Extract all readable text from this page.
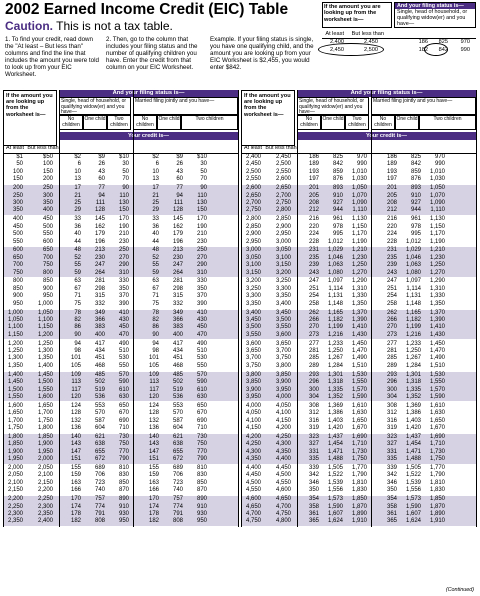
2002 Earned Income Credit (EIC) Table
Caution. This is not a tax table.
1. To find your credit, read down the "At least – But less than" columns and find the line that includes the amount you were told to look up from your EIC Worksheet.
2. Then, go to the column that includes your filing status and the number of qualifying children you have. Enter the credit from that column on your EIC Worksheet.
Example. If your filing status is single, you have one qualifying child, and the amount you are looking up from your EIC Worksheet is $2,455, you would enter $842.
If the amount you are looking up from the worksheet is—
And your filing status is—
Single, head of household, or qualifying widow(er) and you have—
At least	But less than
2,400	2,450	186	825	970
2,450	2,500	182	842	990
If the amount you are looking up from the worksheet is—
And your filing status is—
Single, head of household, or qualifying widow(er) and you have—
Married filing jointly and you have—
No children
One child	Two children
No children
One child	Two children
Your credit is—
At least But less than
$1	$50	$2	$9	$10	$2	$9	$10
50	100	6	26	30	6	26	30
100	150	10	43	50	10	43	50
150	200	13	60	70	13	60	70
200	250	17	77	90	17	77	90
250	300	21	94	110	21	94	110
300	350	25	111	130	25	111	130
350	400	29	128	150	29	128	150
400	450	33	145	170	33	145	170
450	500	36	162	190	36	162	190
500	550	40	179	210	40	179	210
550	600	44	196	230	44	196	230
600	650	48	213	250	48	213	250
650	700	52	230	270	52	230	270
700	750	55	247	290	55	247	290
750	800	59	264	310	59	264	310
800	850	63	281	330	63	281	330
850	900	67	298	350	67	298	350
900	950	71	315	370	71	315	370
950	1,000	75	332	390	75	332	390
1,000	1,050	78	349	410	78	349	410
1,050	1,100	82	366	430	82	366	430
1,100	1,150	86	383	450	86	383	450
1,150	1,200	90	400	470	90	400	470
1,200	1,250	94	417	490	94	417	490
1,250	1,300	98	434	510	98	434	510
1,300	1,350	101	451	530	101	451	530
1,350	1,400	105	468	550	105	468	550
1,400	1,450	109	485	570	109	485	570
1,450	1,500	113	502	590	113	502	590
1,500	1,550	117	519	610	117	519	610
1,550	1,600	120	536	630	120	536	630
1,600	1,650	124	553	650	124	553	650
1,650	1,700	128	570	670	128	570	670
1,700	1,750	132	587	690	132	587	690
1,750	1,800	136	604	710	136	604	710
1,800	1,850	140	621	730	140	621	730
1,850	1,900	143	638	750	143	638	750
1,900	1,950	147	655	770	147	655	770
1,950	2,000	151	672	790	151	672	790
2,000	2,050	155	689	810	155	689	810
2,050	2,100	159	706	830	159	706	830
2,100	2,150	163	723	850	163	723	850
2,150	2,200	166	740	870	166	740	870
2,200	2,250	170	757	890	170	757	890
2,250	2,300	174	774	910	174	774	910
2,300	2,350	178	791	930	178	791	930
2,350	2,400	182	808	950	182	808	950
If the amount you are looking up from the worksheet is—
And your filing status is—
Single, head of household, or qualifying widow(er) and you have—
Married filing jointly and you have—
No children
One child	Two children
No children
One child	Two children
Your credit is—
At least But less than
2,400	2,450	186	825	970	186	825	970
2,450	2,500	189	842	990	189	842	990
2,500	2,550	193	859	1,010	193	859	1,010
2,550	2,600	197	876	1,030	197	876	1,030
2,600	2,650	201	893	1,050	201	893	1,050
2,650	2,700	205	910	1,070	205	910	1,070
2,700	2,750	208	927	1,090	208	927	1,090
2,750	2,800	212	944	1,110	212	944	1,110
2,800	2,850	216	961	1,130	216	961	1,130
2,850	2,900	220	978	1,150	220	978	1,150
2,900	2,950	224	995	1,170	224	995	1,170
2,950	3,000	228	1,012	1,190	228	1,012	1,190
3,000	3,050	231	1,029	1,210	231	1,029	1,210
3,050	3,100	235	1,046	1,230	235	1,046	1,230
3,100	3,150	239	1,063	1,250	239	1,063	1,250
3,150	3,200	243	1,080	1,270	243	1,080	1,270
3,200	3,250	247	1,097	1,290	247	1,097	1,290
3,250	3,300	251	1,114	1,310	251	1,114	1,310
3,300	3,350	254	1,131	1,330	254	1,131	1,330
3,350	3,400	258	1,148	1,350	258	1,148	1,350
3,400	3,450	262	1,165	1,370	262	1,165	1,370
3,450	3,500	266	1,182	1,390	266	1,182	1,390
3,500	3,550	270	1,199	1,410	270	1,199	1,410
3,550	3,600	273	1,216	1,430	273	1,216	1,430
3,600	3,650	277	1,233	1,450	277	1,233	1,450
3,650	3,700	281	1,250	1,470	281	1,250	1,470
3,700	3,750	285	1,267	1,490	285	1,267	1,490
3,750	3,800	289	1,284	1,510	289	1,284	1,510
3,800	3,850	293	1,301	1,530	293	1,301	1,530
3,850	3,900	296	1,318	1,550	296	1,318	1,550
3,900	3,950	300	1,335	1,570	300	1,335	1,570
3,950	4,000	304	1,352	1,590	304	1,352	1,590
4,000	4,050	308	1,369	1,610	308	1,369	1,610
4,050	4,100	312	1,386	1,630	312	1,386	1,630
4,100	4,150	316	1,403	1,650	316	1,403	1,650
4,150	4,200	319	1,420	1,670	319	1,420	1,670
4,200	4,250	323	1,437	1,690	323	1,437	1,690
4,250	4,300	327	1,454	1,710	327	1,454	1,710
4,300	4,350	331	1,471	1,730	331	1,471	1,730
4,350	4,400	335	1,488	1,750	335	1,488	1,750
4,400	4,450	339	1,505	1,770	339	1,505	1,770
4,450	4,500	342	1,522	1,790	342	1,522	1,790
4,500	4,550	346	1,539	1,810	346	1,539	1,810
4,550	4,600	350	1,556	1,830	350	1,556	1,830
4,600	4,650	354	1,573	1,850	354	1,573	1,850
4,650	4,700	358	1,590	1,870	358	1,590	1,870
4,700	4,750	361	1,607	1,890	361	1,607	1,890
4,750	4,800	365	1,624	1,910	365	1,624	1,910
(Continued)
